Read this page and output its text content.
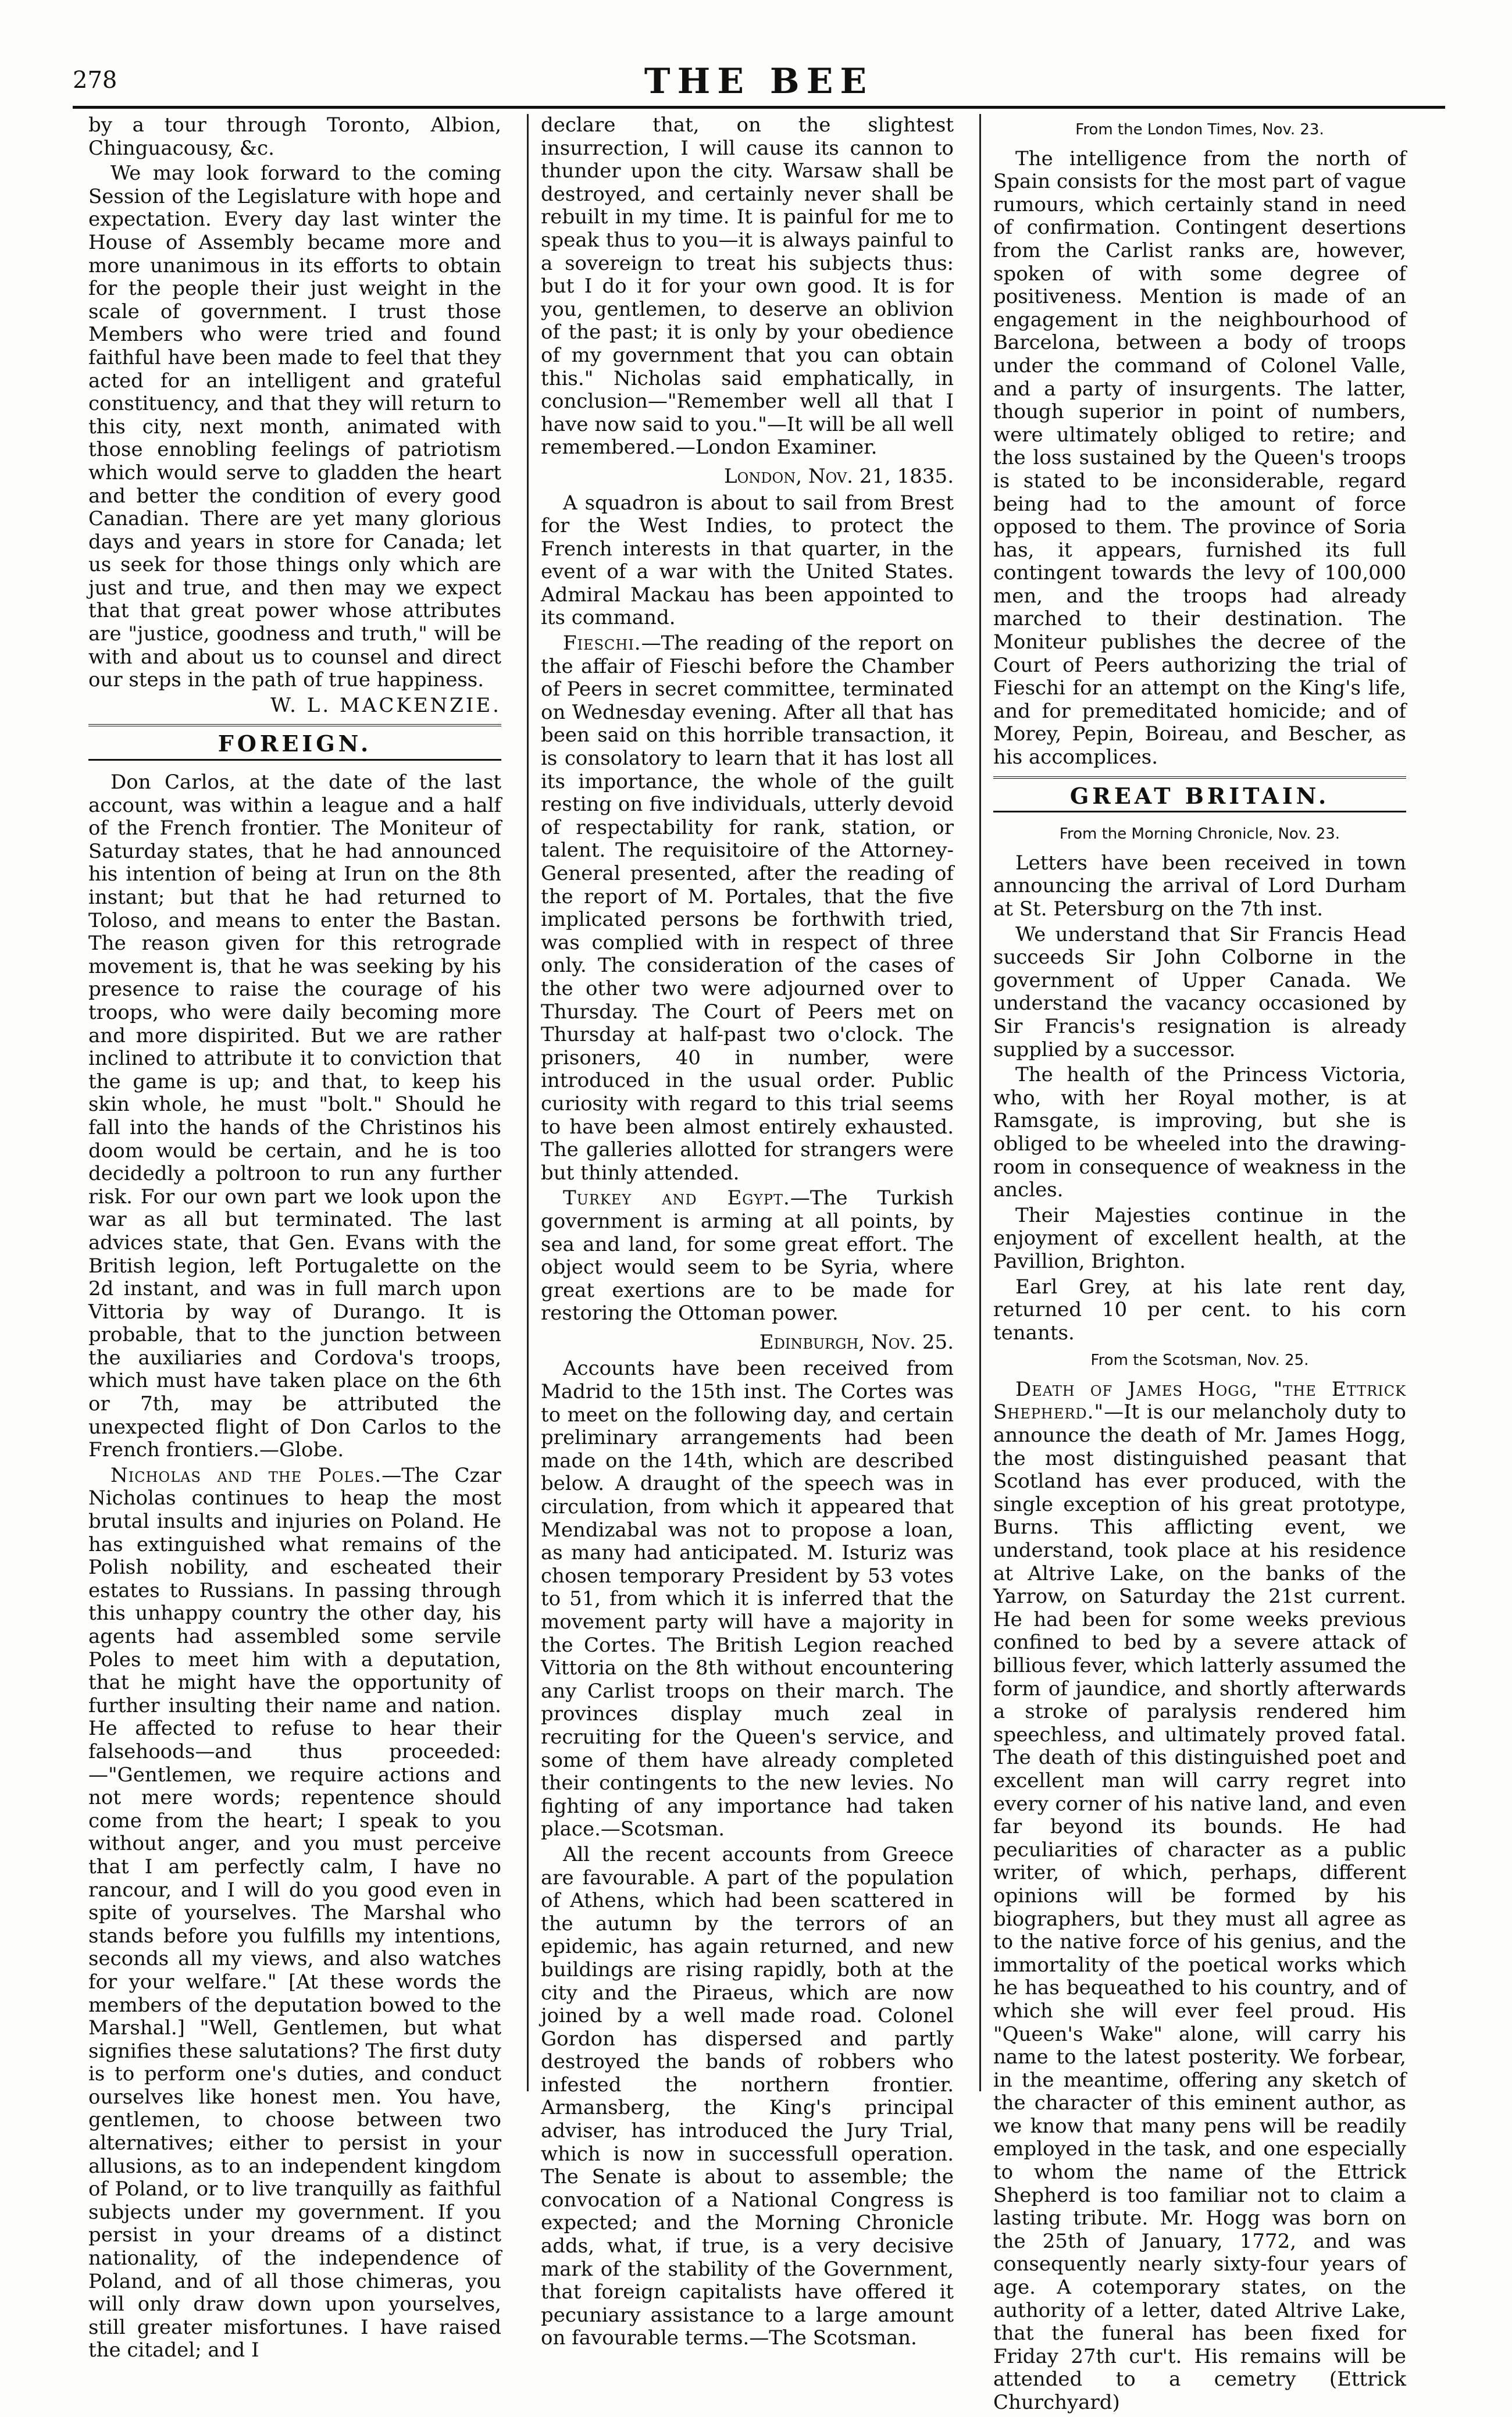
278	THE BEE

by a tour through Toronto, Albion, Chinguacousy, &c.

We may look forward to the coming Session of the Legislature with hope and expectation. Every day last winter the House of Assembly became more and more unanimous in its efforts to obtain for the people their just weight in the scale of government. I trust those Members who were tried and found faithful have been made to feel that they acted for an intelligent and grateful constituency, and that they will return to this city, next month, animated with those ennobling feelings of patriotism which would serve to gladden the heart and better the condition of every good Canadian. There are yet many glorious days and years in store for Canada; let us seek for those things only which are just and true, and then may we expect that that great power whose attributes are "justice, goodness and truth," will be with and about us to counsel and direct our steps in the path of true happiness.

W. L. MACKENZIE.
FOREIGN.

Don Carlos, at the date of the last account, was within a league and a half of the French frontier. The Moniteur of Saturday states, that he had announced his intention of being at Irun on the 8th instant; but that he had returned to Toloso, and means to enter the Bastan. The reason given for this retrograde movement is, that he was seeking by his presence to raise the courage of his troops, who were daily becoming more and more dispirited. But we are rather inclined to attribute it to conviction that the game is up; and that, to keep his skin whole, he must "bolt." Should he fall into the hands of the Christinos his doom would be certain, and he is too decidedly a poltroon to run any further risk. For our own part we look upon the war as all but terminated. The last advices state, that Gen. Evans with the British legion, left Portugalette on the 2d instant, and was in full march upon Vittoria by way of Durango. It is probable, that to the junction between the auxiliaries and Cordova's troops, which must have taken place on the 6th or 7th, may be attributed the unexpected flight of Don Carlos to the French frontiers.—Globe.

Nicholas and the Poles.—The Czar Nicholas continues to heap the most brutal insults and injuries on Poland. He has extinguished what remains of the Polish nobility, and escheated their estates to Russians. In passing through this unhappy country the other day, his agents had assembled some servile Poles to meet him with a deputation, that he might have the opportunity of further insulting their name and nation. He affected to refuse to hear their falsehoods—and thus proceeded:—"Gentlemen, we require actions and not mere words; repentence should come from the heart; I speak to you without anger, and you must perceive that I am perfectly calm, I have no rancour, and I will do you good even in spite of yourselves. The Marshal who stands before you fulfills my intentions, seconds all my views, and also watches for your welfare." [At these words the members of the deputation bowed to the Marshal.] "Well, Gentlemen, but what signifies these salutations? The first duty is to perform one's duties, and conduct ourselves like honest men. You have, gentlemen, to choose between two alternatives; either to persist in your allusions, as to an independent kingdom of Poland, or to live tranquilly as faithful subjects under my government. If you persist in your dreams of a distinct nationality, of the independence of Poland, and of all those chimeras, you will only draw down upon yourselves, still greater misfortunes. I have raised the citadel; and I

declare that, on the slightest insurrection, I will cause its cannon to thunder upon the city. Warsaw shall be destroyed, and certainly never shall be rebuilt in my time. It is painful for me to speak thus to you—it is always painful to a sovereign to treat his subjects thus: but I do it for your own good. It is for you, gentlemen, to deserve an oblivion of the past; it is only by your obedience of my government that you can obtain this." Nicholas said emphatically, in conclusion—"Remember well all that I have now said to you."—It will be all well remembered.—London Examiner.

London, Nov. 21, 1835.

A squadron is about to sail from Brest for the West Indies, to protect the French interests in that quarter, in the event of a war with the United States. Admiral Mackau has been appointed to its command.

Fieschi.—The reading of the report on the affair of Fieschi before the Chamber of Peers in secret committee, terminated on Wednesday evening. After all that has been said on this horrible transaction, it is consolatory to learn that it has lost all its importance, the whole of the guilt resting on five individuals, utterly devoid of respectability for rank, station, or talent. The requisitoire of the Attorney-General presented, after the reading of the report of M. Portales, that the five implicated persons be forthwith tried, was complied with in respect of three only. The consideration of the cases of the other two were adjourned over to Thursday. The Court of Peers met on Thursday at half-past two o'clock. The prisoners, 40 in number, were introduced in the usual order. Public curiosity with regard to this trial seems to have been almost entirely exhausted. The galleries allotted for strangers were but thinly attended.

Turkey and Egypt.—The Turkish government is arming at all points, by sea and land, for some great effort. The object would seem to be Syria, where great exertions are to be made for restoring the Ottoman power.

Edinburgh, Nov. 25.

Accounts have been received from Madrid to the 15th inst. The Cortes was to meet on the following day, and certain preliminary arrangements had been made on the 14th, which are described below. A draught of the speech was in circulation, from which it appeared that Mendizabal was not to propose a loan, as many had anticipated. M. Isturiz was chosen temporary President by 53 votes to 51, from which it is inferred that the movement party will have a majority in the Cortes. The British Legion reached Vittoria on the 8th without encountering any Carlist troops on their march. The provinces display much zeal in recruiting for the Queen's service, and some of them have already completed their contingents to the new levies. No fighting of any importance had taken place.—Scotsman.

All the recent accounts from Greece are favourable. A part of the population of Athens, which had been scattered in the autumn by the terrors of an epidemic, has again returned, and new buildings are rising rapidly, both at the city and the Piraeus, which are now joined by a well made road. Colonel Gordon has dispersed and partly destroyed the bands of robbers who infested the northern frontier. Armansberg, the King's principal adviser, has introduced the Jury Trial, which is now in successfull operation. The Senate is about to assemble; the convocation of a National Congress is expected; and the Morning Chronicle adds, what, if true, is a very decisive mark of the stability of the Government, that foreign capitalists have offered it pecuniary assistance to a large amount on favourable terms.—The Scotsman.

From the London Times, Nov. 23.

The intelligence from the north of Spain consists for the most part of vague rumours, which certainly stand in need of confirmation. Contingent desertions from the Carlist ranks are, however, spoken of with some degree of positiveness. Mention is made of an engagement in the neighbourhood of Barcelona, between a body of troops under the command of Colonel Valle, and a party of insurgents. The latter, though superior in point of numbers, were ultimately obliged to retire; and the loss sustained by the Queen's troops is stated to be inconsiderable, regard being had to the amount of force opposed to them. The province of Soria has, it appears, furnished its full contingent towards the levy of 100,000 men, and the troops had already marched to their destination. The Moniteur publishes the decree of the Court of Peers authorizing the trial of Fieschi for an attempt on the King's life, and for premeditated homicide; and of Morey, Pepin, Boireau, and Bescher, as his accomplices.

GREAT BRITAIN.
From the Morning Chronicle, Nov. 23.

Letters have been received in town announcing the arrival of Lord Durham at St. Petersburg on the 7th inst.

We understand that Sir Francis Head succeeds Sir John Colborne in the government of Upper Canada. We understand the vacancy occasioned by Sir Francis's resignation is already supplied by a successor.

The health of the Princess Victoria, who, with her Royal mother, is at Ramsgate, is improving, but she is obliged to be wheeled into the drawing-room in consequence of weakness in the ancles.

Their Majesties continue in the enjoyment of excellent health, at the Pavillion, Brighton.

Earl Grey, at his late rent day, returned 10 per cent. to his corn tenants.

From the Scotsman, Nov. 25.

Death of James Hogg, "the Ettrick Shepherd."—It is our melancholy duty to announce the death of Mr. James Hogg, the most distinguished peasant that Scotland has ever produced, with the single exception of his great prototype, Burns. This afflicting event, we understand, took place at his residence at Altrive Lake, on the banks of the Yarrow, on Saturday the 21st current. He had been for some weeks previous confined to bed by a severe attack of billious fever, which latterly assumed the form of jaundice, and shortly afterwards a stroke of paralysis rendered him speechless, and ultimately proved fatal. The death of this distinguished poet and excellent man will carry regret into every corner of his native land, and even far beyond its bounds. He had peculiarities of character as a public writer, of which, perhaps, different opinions will be formed by his biographers, but they must all agree as to the native force of his genius, and the immortality of the poetical works which he has bequeathed to his country, and of which she will ever feel proud. His "Queen's Wake" alone, will carry his name to the latest posterity. We forbear, in the meantime, offering any sketch of the character of this eminent author, as we know that many pens will be readily employed in the task, and one especially to whom the name of the Ettrick Shepherd is too familiar not to claim a lasting tribute. Mr. Hogg was born on the 25th of January, 1772, and was consequently nearly sixty-four years of age. A cotemporary states, on the authority of a letter, dated Altrive Lake, that the funeral has been fixed for Friday 27th cur't. His remains will be attended to a cemetry (Ettrick Churchyard)
